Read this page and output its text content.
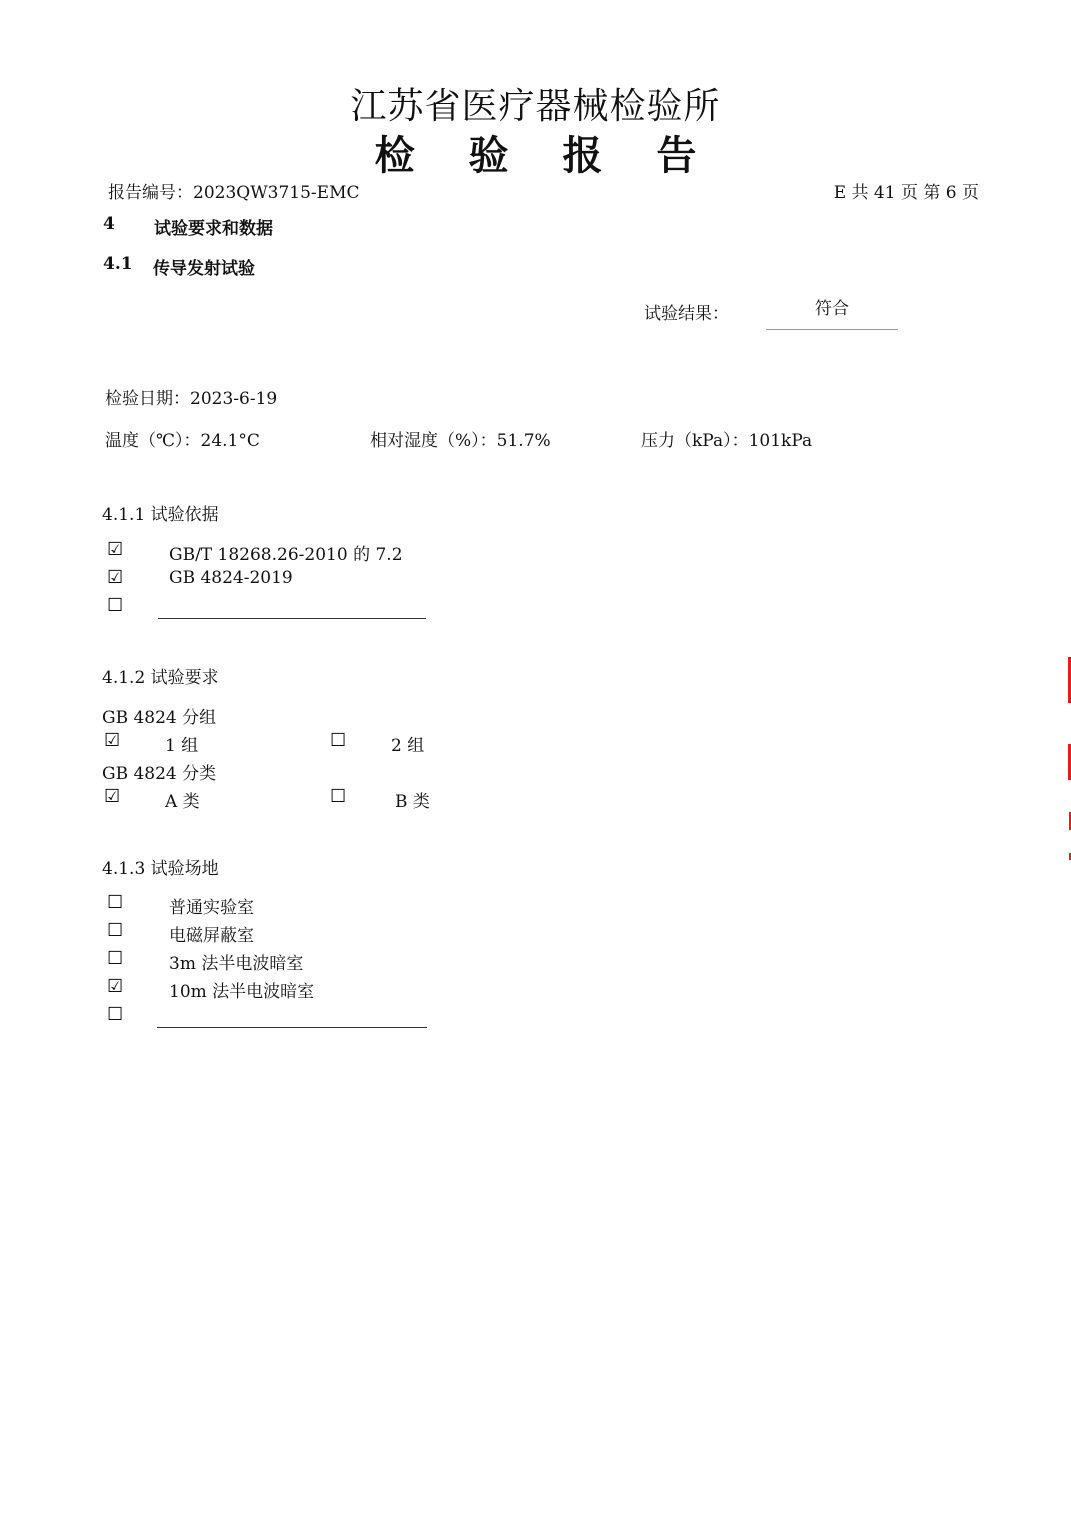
江苏省医疗器械检验所
检 验 报 告
报告编号：2023QW3715-EMC	E 共 41 页 第 6 页
4 试验要求和数据
4.1 传导发射试验
试验结果：	符合
检验日期：2023-6-19
温度（℃）：24.1°C	相对湿度（%）：51.7%	压力（kPa）：101kPa
4.1.1 试验依据
☑	GB/T 18268.26-2010 的 7.2
☑	GB 4824-2019
☐
4.1.2 试验要求
GB 4824 分组
☑	1 组	☐	2 组
GB 4824 分类
☑	A 类	☐	B 类
4.1.3 试验场地
☐	普通实验室
☐	电磁屏蔽室
☐	3m 法半电波暗室
☑	10m 法半电波暗室
☐
